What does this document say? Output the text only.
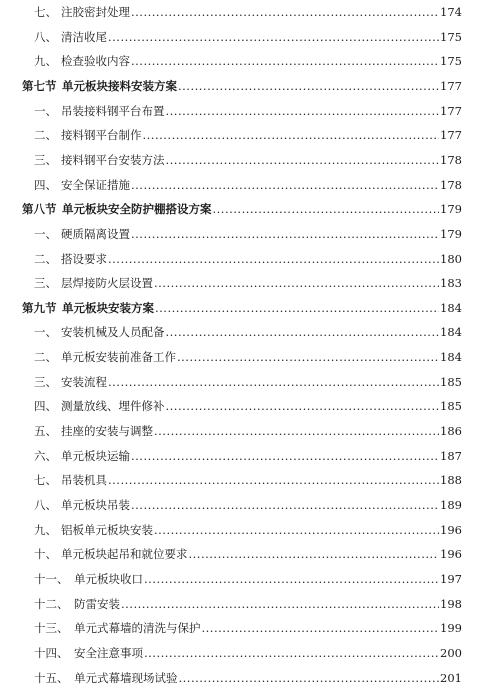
七、 注胶密封处理 .....	174
八、 清洁收尾 .....	175
九、 检查验收内容 .....	175
第七节 单元板块接料安装方案 .....	177
一、 吊装接料钢平台布置 .....	177
二、 接料钢平台制作 .....	177
三、 接料钢平台安装方法 .....	178
四、 安全保证措施 .....	178
第八节 单元板块安全防护棚搭设方案 .....	179
一、 硬质隔离设置 .....	179
二、 搭设要求 .....	180
三、 层焊接防火层设置 .....	183
第九节 单元板块安装方案 .....	184
一、 安装机械及人员配备 .....	184
二、 单元板安装前准备工作 .....	184
三、 安装流程 .....	185
四、 测量放线、埋件修补 .....	185
五、 挂座的安装与调整 .....	186
六、 单元板块运输 .....	187
七、 吊装机具 .....	188
八、 单元板块吊装 .....	189
九、 铝板单元板块安装 .....	196
十、 单元板块起吊和就位要求 .....	196
十一、 单元板块收口 .....	197
十二、 防雷安装 .....	198
十三、 单元式幕墙的清洗与保护 .....	199
十四、 安全注意事项 .....	200
十五、 单元式幕墙现场试验 .....	201
